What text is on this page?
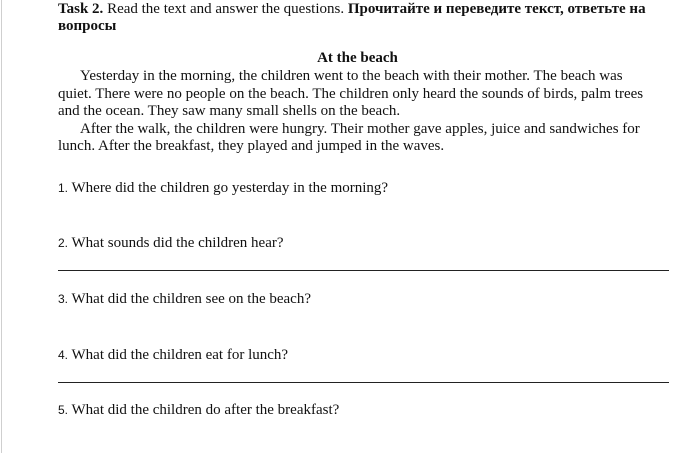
Task 2. Read the text and answer the questions. Прочитайте и переведите текст, ответьте на вопросы
At the beach

Yesterday in the morning, the children went to the beach with their mother. The beach was quiet. There were no people on the beach. The children only heard the sounds of birds, palm trees and the ocean. They saw many small shells on the beach.

After the walk, the children were hungry. Their mother gave apples, juice and sandwiches for lunch. After the breakfast, they played and jumped in the waves.

1. Where did the children go yesterday in the morning?
2. What sounds did the children hear?
3. What did the children see on the beach?
4. What did the children eat for lunch?
5. What did the children do after the breakfast?
